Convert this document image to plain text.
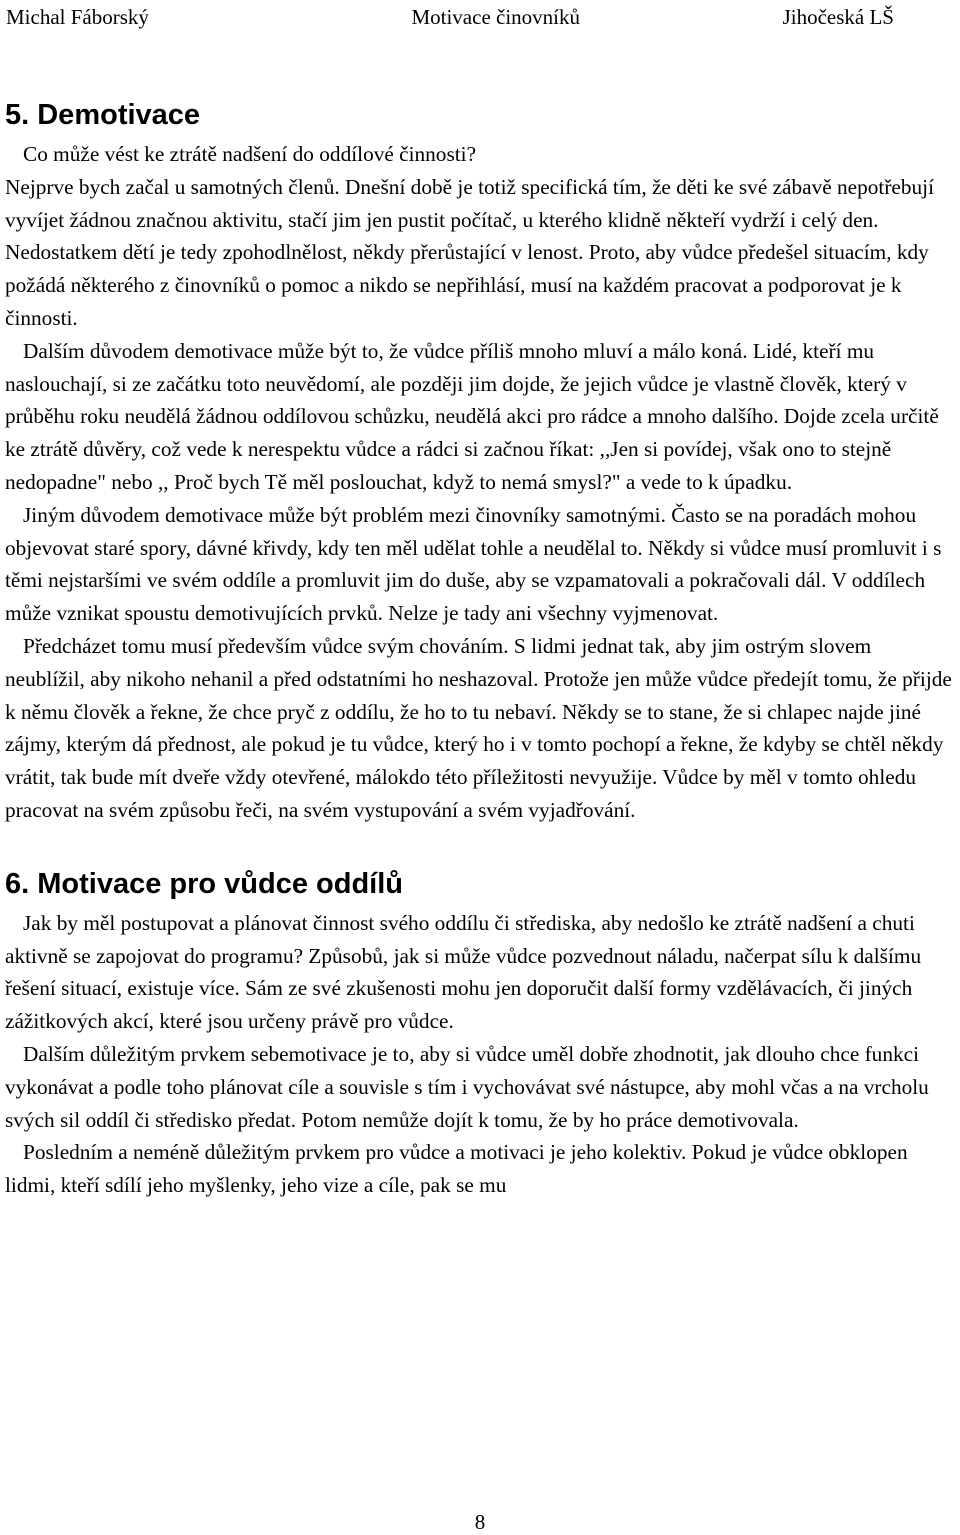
Michal Fáborský	Motivace činovníků	Jihočeská LŠ
5. Demotivace

Co může vést ke ztrátě nadšení do oddílové činnosti?

Nejprve bych začal u samotných členů. Dnešní době je totiž specifická tím, že děti ke své zábavě nepotřebují vyvíjet žádnou značnou aktivitu, stačí jim jen pustit počítač, u kterého klidně někteří vydrží i celý den. Nedostatkem dětí je tedy zpohodlnělost, někdy přerůstající v lenost. Proto, aby vůdce předešel situacím, kdy požádá některého z činovníků o pomoc a nikdo se nepřihlásí, musí na každém pracovat a podporovat je k činnosti.

Dalším důvodem demotivace může být to, že vůdce příliš mnoho mluví a málo koná. Lidé, kteří mu naslouchají, si ze začátku toto neuvědomí, ale později jim dojde, že jejich vůdce je vlastně člověk, který v průběhu roku neudělá žádnou oddílovou schůzku, neudělá akci pro rádce a mnoho dalšího. Dojde zcela určitě ke ztrátě důvěry, což vede k nerespektu vůdce a rádci si začnou říkat: ,,Jen si povídej, však ono to stejně nedopadne" nebo ,, Proč bych Tě měl poslouchat, když to nemá smysl?" a vede to k úpadku.

Jiným důvodem demotivace může být problém mezi činovníky samotnými. Často se na poradách mohou objevovat staré spory, dávné křivdy, kdy ten měl udělat tohle a neudělal to. Někdy si vůdce musí promluvit i s těmi nejstaršími ve svém oddíle a promluvit jim do duše, aby se vzpamatovali a pokračovali dál. V oddílech může vznikat spoustu demotivujících prvků. Nelze je tady ani všechny vyjmenovat.

Předcházet tomu musí především vůdce svým chováním. S lidmi jednat tak, aby jim ostrým slovem neublížil, aby nikoho nehanil a před odstatními ho neshazoval. Protože jen může vůdce předejít tomu, že přijde k němu člověk a řekne, že chce pryč z oddílu, že ho to tu nebaví. Někdy se to stane, že si chlapec najde jiné zájmy, kterým dá přednost, ale pokud je tu vůdce, který ho i v tomto pochopí a řekne, že kdyby se chtěl někdy vrátit, tak bude mít dveře vždy otevřené, málokdo této příležitosti nevyužije. Vůdce by měl v tomto ohledu pracovat na svém způsobu řeči, na svém vystupování a svém vyjadřování.

6. Motivace pro vůdce oddílů

Jak by měl postupovat a plánovat činnost svého oddílu či střediska, aby nedošlo ke ztrátě nadšení a chuti aktivně se zapojovat do programu? Způsobů, jak si může vůdce pozvednout náladu, načerpat sílu k dalšímu řešení situací, existuje více. Sám ze své zkušenosti mohu jen doporučit další formy vzdělávacích, či jiných zážitkových akcí, které jsou určeny právě pro vůdce.

Dalším důležitým prvkem sebemotivace je to, aby si vůdce uměl dobře zhodnotit, jak dlouho chce funkci vykonávat a podle toho plánovat cíle a souvisle s tím i vychovávat své nástupce, aby mohl včas a na vrcholu svých sil oddíl či středisko předat. Potom nemůže dojít k tomu, že by ho práce demotivovala.

Posledním a neméně důležitým prvkem pro vůdce a motivaci je jeho kolektiv. Pokud je vůdce obklopen lidmi, kteří sdílí jeho myšlenky, jeho vize a cíle, pak se mu

8
